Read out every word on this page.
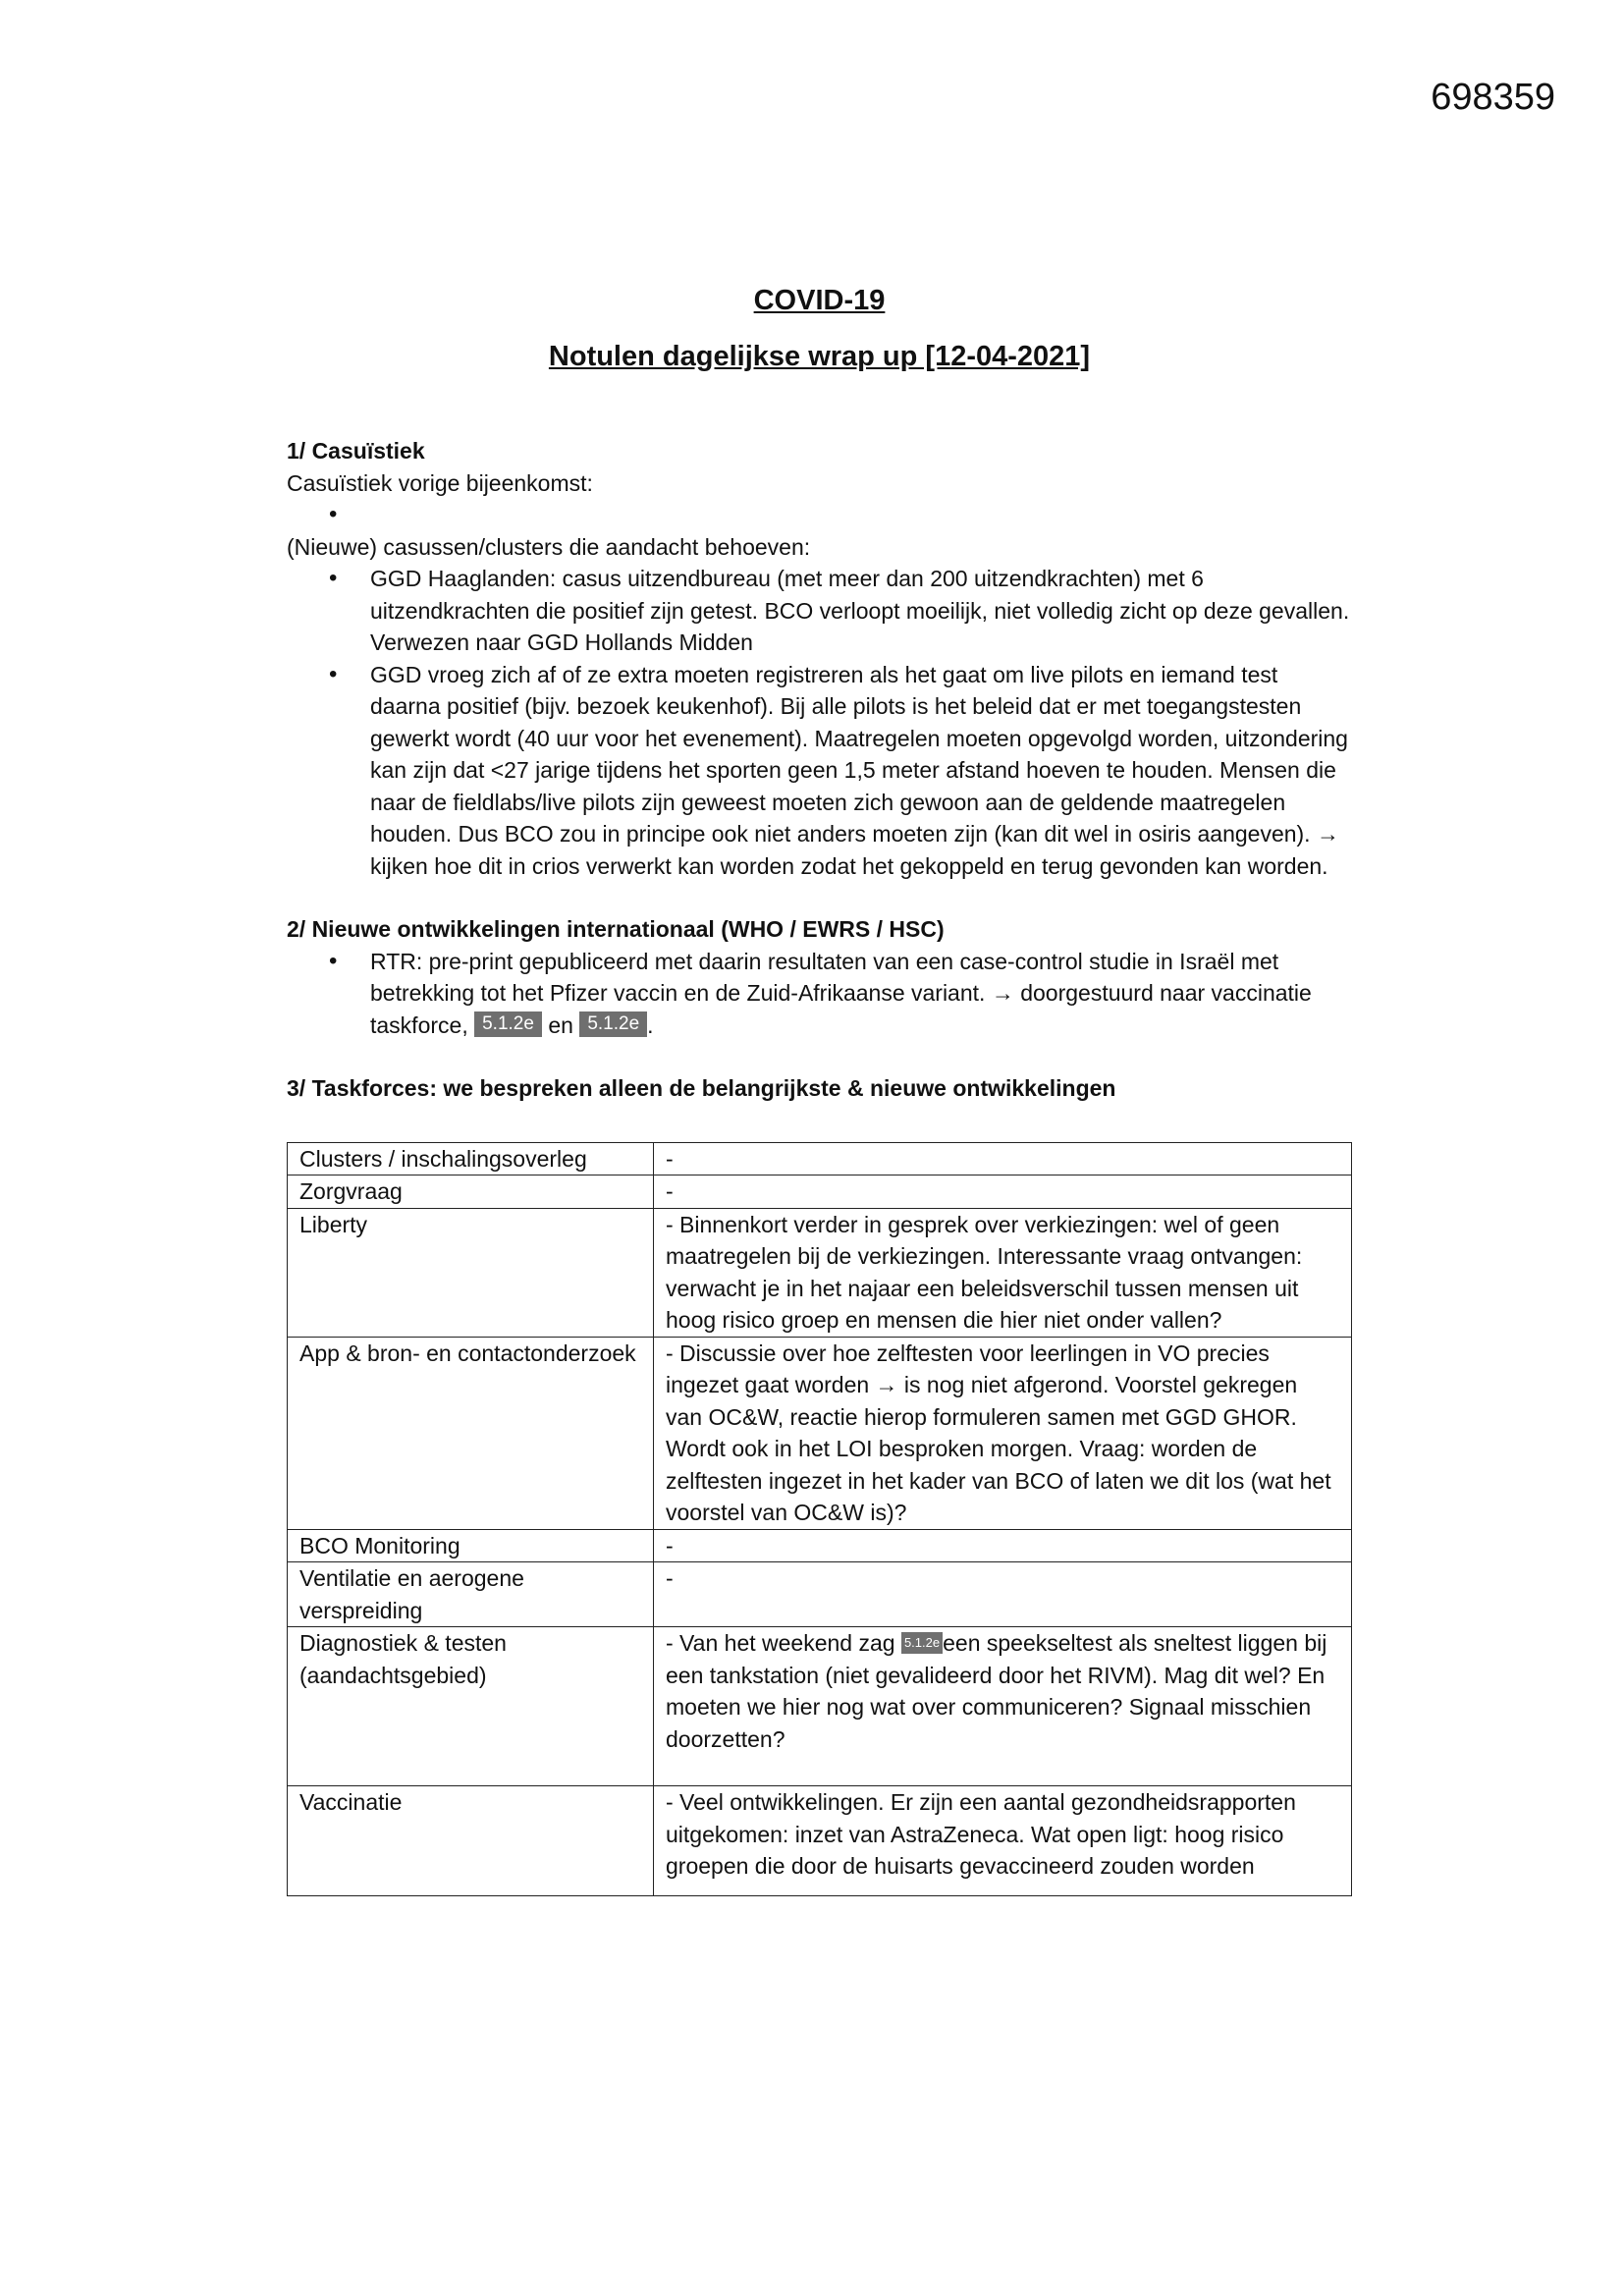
698359
COVID-19
Notulen dagelijkse wrap up [12-04-2021]
1/ Casuïstiek
Casuïstiek vorige bijeenkomst:
•
(Nieuwe) casussen/clusters die aandacht behoeven:
• GGD Haaglanden: casus uitzendbureau (met meer dan 200 uitzendkrachten) met 6 uitzendkrachten die positief zijn getest. BCO verloopt moeilijk, niet volledig zicht op deze gevallen. Verwezen naar GGD Hollands Midden
• GGD vroeg zich af of ze extra moeten registreren als het gaat om live pilots en iemand test daarna positief (bijv. bezoek keukenhof). Bij alle pilots is het beleid dat er met toegangstesten gewerkt wordt (40 uur voor het evenement). Maatregelen moeten opgevolgd worden, uitzondering kan zijn dat <27 jarige tijdens het sporten geen 1,5 meter afstand hoeven te houden. Mensen die naar de fieldlabs/live pilots zijn geweest moeten zich gewoon aan de geldende maatregelen houden. Dus BCO zou in principe ook niet anders moeten zijn (kan dit wel in osiris aangeven). → kijken hoe dit in crios verwerkt kan worden zodat het gekoppeld en terug gevonden kan worden.
2/ Nieuwe ontwikkelingen internationaal (WHO / EWRS / HSC)
• RTR: pre-print gepubliceerd met daarin resultaten van een case-control studie in Israël met betrekking tot het Pfizer vaccin en de Zuid-Afrikaanse variant. → doorgestuurd naar vaccinatie taskforce, 5.1.2e en 5.1.2e .
3/ Taskforces: we bespreken alleen de belangrijkste & nieuwe ontwikkelingen
Clusters / inschalingsoverleg	-
Zorgvraag	-
Liberty	- Binnenkort verder in gesprek over verkiezingen: wel of geen maatregelen bij de verkiezingen. Interessante vraag ontvangen: verwacht je in het najaar een beleidsverschil tussen mensen uit hoog risico groep en mensen die hier niet onder vallen?
App & bron- en contactonderzoek	- Discussie over hoe zelftesten voor leerlingen in VO precies ingezet gaat worden → is nog niet afgerond. Voorstel gekregen van OC&W, reactie hierop formuleren samen met GGD GHOR. Wordt ook in het LOI besproken morgen. Vraag: worden de zelftesten ingezet in het kader van BCO of laten we dit los (wat het voorstel van OC&W is)?
BCO Monitoring	-
Ventilatie en aerogene verspreiding	-
Diagnostiek & testen (aandachtsgebied)	- Van het weekend zag 5.1.2e een speekseltest als sneltest liggen bij een tankstation (niet gevalideerd door het RIVM). Mag dit wel? En moeten we hier nog wat over communiceren? Signaal misschien doorzetten?
Vaccinatie	- Veel ontwikkelingen. Er zijn een aantal gezondheidsrapporten uitgekomen: inzet van AstraZeneca. Wat open ligt: hoog risico groepen die door de huisarts gevaccineerd zouden worden
